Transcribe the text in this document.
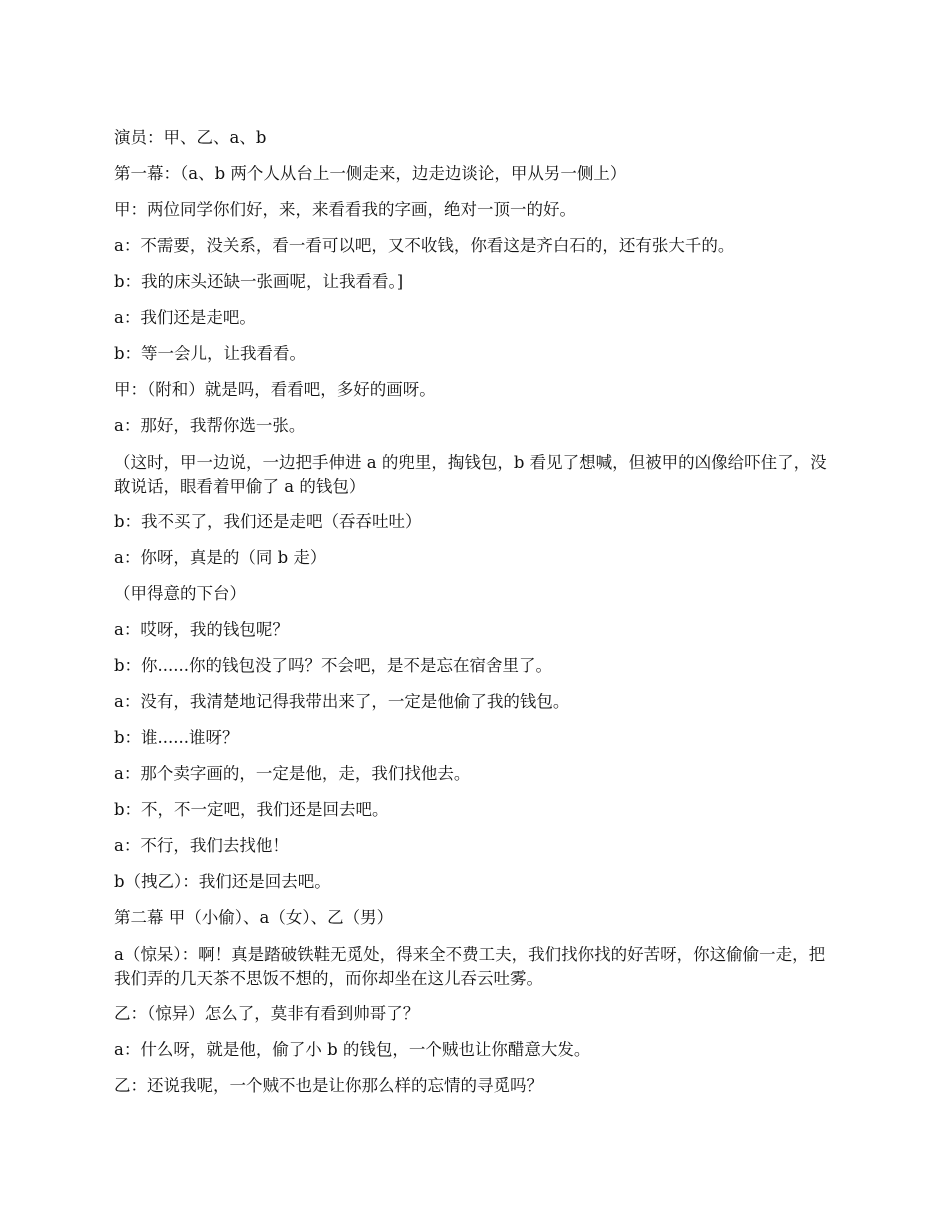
演员：甲、乙、a、b

第一幕：（a、b 两个人从台上一侧走来，边走边谈论，甲从另一侧上）

甲：两位同学你们好，来，来看看我的字画，绝对一顶一的好。

a：不需要，没关系，看一看可以吧，又不收钱，你看这是齐白石的，还有张大千的。

b：我的床头还缺一张画呢，让我看看。]

a：我们还是走吧。

b：等一会儿，让我看看。

甲：（附和）就是吗，看看吧，多好的画呀。

a：那好，我帮你选一张。

（这时，甲一边说，一边把手伸进 a 的兜里，掏钱包，b 看见了想喊，但被甲的凶像给吓住了，没敢说话，眼看着甲偷了 a 的钱包）

b：我不买了，我们还是走吧（吞吞吐吐）

a：你呀，真是的（同 b 走）

（甲得意的下台）

a：哎呀，我的钱包呢？

b：你......你的钱包没了吗？不会吧，是不是忘在宿舍里了。

a：没有，我清楚地记得我带出来了，一定是他偷了我的钱包。

b：谁......谁呀？

a：那个卖字画的，一定是他，走，我们找他去。

b：不，不一定吧，我们还是回去吧。

a：不行，我们去找他！

b（拽乙）：我们还是回去吧。

第二幕 甲（小偷）、a（女）、乙（男）

a（惊呆）：啊！真是踏破铁鞋无觅处，得来全不费工夫，我们找你找的好苦呀，你这偷偷一走，把我们弄的几天茶不思饭不想的，而你却坐在这儿吞云吐雾。

乙：（惊异）怎么了，莫非有看到帅哥了？

a：什么呀，就是他，偷了小 b 的钱包，一个贼也让你醋意大发。

乙：还说我呢，一个贼不也是让你那么样的忘情的寻觅吗？
